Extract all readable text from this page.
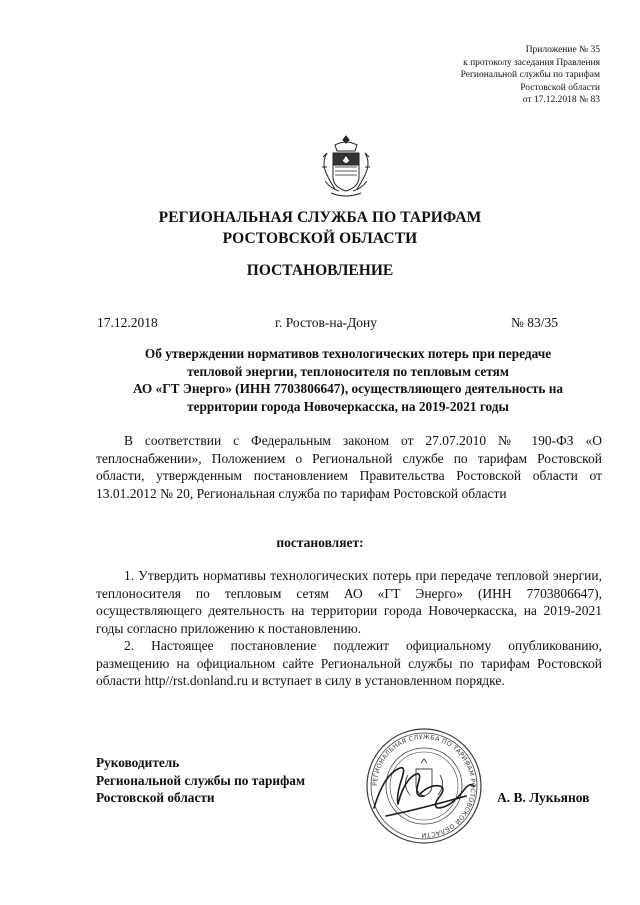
Приложение № 35
к протоколу заседания Правления
Региональной службы по тарифам
Ростовской области
от 17.12.2018 № 83
РЕГИОНАЛЬНАЯ СЛУЖБА ПО ТАРИФАМ
РОСТОВСКОЙ ОБЛАСТИ
ПОСТАНОВЛЕНИЕ
17.12.2018	г. Ростов-на-Дону	№ 83/35
Об утверждении нормативов технологических потерь при передаче
тепловой энергии, теплоносителя по тепловым сетям
АО «ГТ Энерго» (ИНН 7703806647), осуществляющего деятельность на
территории города Новочеркасска, на 2019-2021 годы
В соответствии с Федеральным законом от 27.07.2010 № 190-ФЗ «О теплоснабжении», Положением о Региональной службе по тарифам Ростовской области, утвержденным постановлением Правительства Ростовской области от 13.01.2012 № 20, Региональная служба по тарифам Ростовской области
постановляет:

1. Утвердить нормативы технологических потерь при передаче тепловой энергии, теплоносителя по тепловым сетям АО «ГТ Энерго» (ИНН 7703806647), осуществляющего деятельность на территории города Новочеркасска, на 2019-2021 годы согласно приложению к постановлению.

2. Настоящее постановление подлежит официальному опубликованию, размещению на официальном сайте Региональной службы по тарифам Ростовской области http//rst.donland.ru и вступает в силу в установленном порядке.

Руководитель
Региональной службы по тарифам
Ростовской области
РЕГИОНАЛЬНАЯ СЛУЖБА ПО ТАРИФАМ РОСТОВСКОЙ ОБЛАСТИ
А. В. Лукьянов
